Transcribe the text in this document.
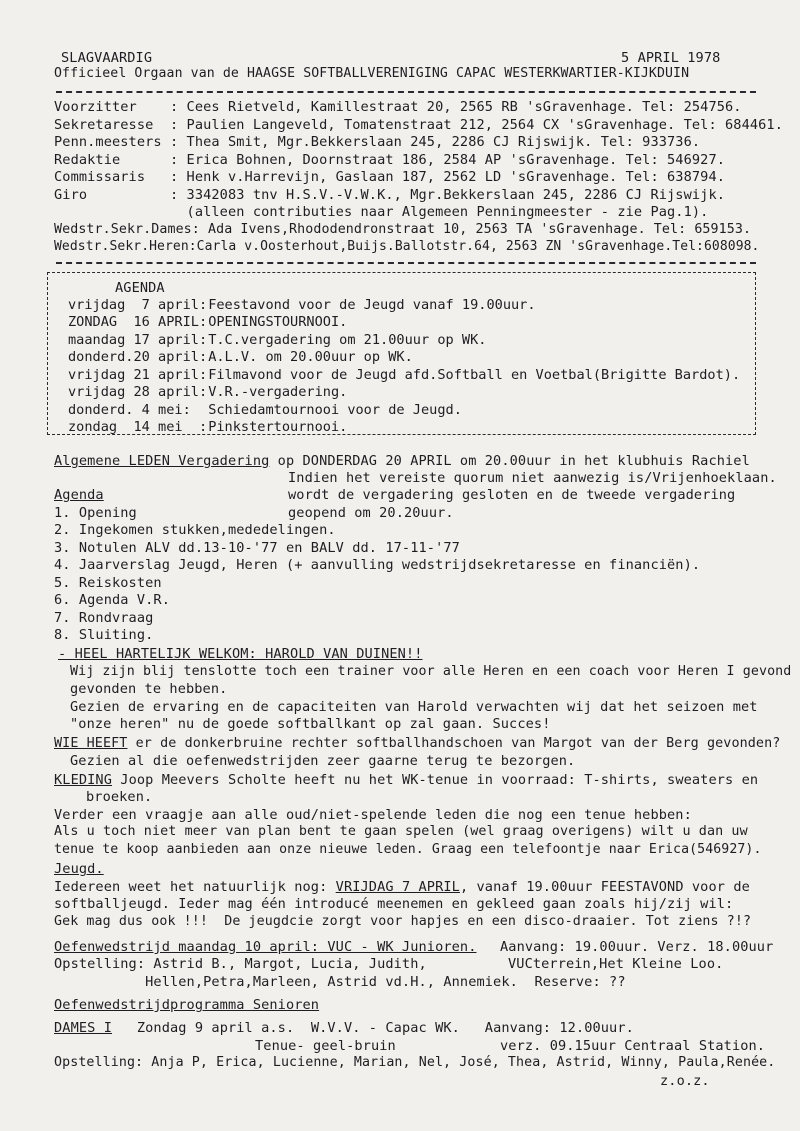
SLAGVAARDIG	5 APRIL 1978
Officieel Orgaan van de HAAGSE SOFTBALLVERENIGING CAPAC WESTERKWARTIER-KIJKDUIN
Voorzitter    : Cees Rietveld, Kamillestraat 20, 2565 RB 'sGravenhage. Tel: 254756.
Sekretaresse  : Paulien Langeveld, Tomatenstraat 212, 2564 CX 'sGravenhage. Tel: 684461.
Penn.meesters : Thea Smit, Mgr.Bekkerslaan 245, 2286 CJ Rijswijk. Tel: 933736.
Redaktie      : Erica Bohnen, Doornstraat 186, 2584 AP 'sGravenhage. Tel: 546927.
Commissaris   : Henk v.Harrevijn, Gaslaan 187, 2562 LD 'sGravenhage. Tel: 638794.
Giro          : 3342083 tnv H.S.V.-V.W.K., Mgr.Bekkerslaan 245, 2286 CJ Rijswijk.
(alleen contributies naar Algemeen Penningmeester - zie Pag.1).
Wedstr.Sekr.Dames: Ada Ivens,Rhododendronstraat 10, 2563 TA 'sGravenhage. Tel: 659153.
Wedstr.Sekr.Heren:Carla v.Oosterhout,Buijs.Ballotstr.64, 2563 ZN 'sGravenhage.Tel:608098.
AGENDA
vrijdag  7 april: Feestavond voor de Jeugd vanaf 19.00uur.
ZONDAG  16 APRIL: OPENINGSTOURNOOI.
maandag 17 april: T.C.vergadering om 21.00uur op WK.
donderd.20 april: A.L.V. om 20.00uur op WK.
vrijdag 21 april: Filmavond voor de Jeugd afd.Softball en Voetbal(Brigitte Bardot).
vrijdag 28 april: V.R.-vergadering.
donderd. 4 mei: Schiedamtournooi voor de Jeugd.
zondag  14 mei  : Pinkstertournooi.
Algemene LEDEN Vergadering op DONDERDAG 20 APRIL om 20.00uur in het klubhuis Rachiel
Indien het vereiste quorum niet aanwezig is/Vrijenhoeklaan.
Agenda	wordt de vergadering gesloten en de tweede vergadering
1. Opening	geopend om 20.20uur.
2. Ingekomen stukken,mededelingen.
3. Notulen ALV dd.13-10-'77 en BALV dd. 17-11-'77
4. Jaarverslag Jeugd, Heren (+ aanvulling wedstrijdsekretaresse en financiën).
5. Reiskosten
6. Agenda V.R.
7. Rondvraag
8. Sluiting.
- HEEL HARTELIJK WELKOM: HAROLD VAN DUINEN!!
Wij zijn blij tenslotte toch een trainer voor alle Heren en een coach voor Heren I gevond
gevonden te hebben.
Gezien de ervaring en de capaciteiten van Harold verwachten wij dat het seizoen met
"onze heren" nu de goede softballkant op zal gaan. Succes!
WIE HEEFT er de donkerbruine rechter softballhandschoen van Margot van der Berg gevonden?
Gezien al die oefenwedstrijden zeer gaarne terug te bezorgen.
KLEDING Joop Meevers Scholte heeft nu het WK-tenue in voorraad: T-shirts, sweaters en
broeken.
Verder een vraagje aan alle oud/niet-spelende leden die nog een tenue hebben:
Als u toch niet meer van plan bent te gaan spelen (wel graag overigens) wilt u dan uw
tenue te koop aanbieden aan onze nieuwe leden. Graag een telefoontje naar Erica(546927).
Jeugd.
Iedereen weet het natuurlijk nog: VRIJDAG 7 APRIL, vanaf 19.00uur FEESTAVOND voor de
softballjeugd. Ieder mag één introducé meenemen en gekleed gaan zoals hij/zij wil:
Gek mag dus ook !!!  De jeugdcie zorgt voor hapjes en een disco-draaier. Tot ziens ?!?
Oefenwedstrijd maandag 10 april: VUC - WK Junioren. Aanvang: 19.00uur. Verz. 18.00uur
Opstelling: Astrid B., Margot, Lucia, Judith,	VUCterrein,Het Kleine Loo.
Hellen,Petra,Marleen, Astrid vd.H., Annemiek.  Reserve: ??
Oefenwedstrijdprogramma Senioren
DAMES I   Zondag 9 april a.s.  W.V.V. - Capac WK.   Aanvang: 12.00uur.
Tenue- geel-bruin	verz. 09.15uur Centraal Station.
Opstelling: Anja P, Erica, Lucienne, Marian, Nel, José, Thea, Astrid, Winny, Paula,Renée.
z.o.z.
